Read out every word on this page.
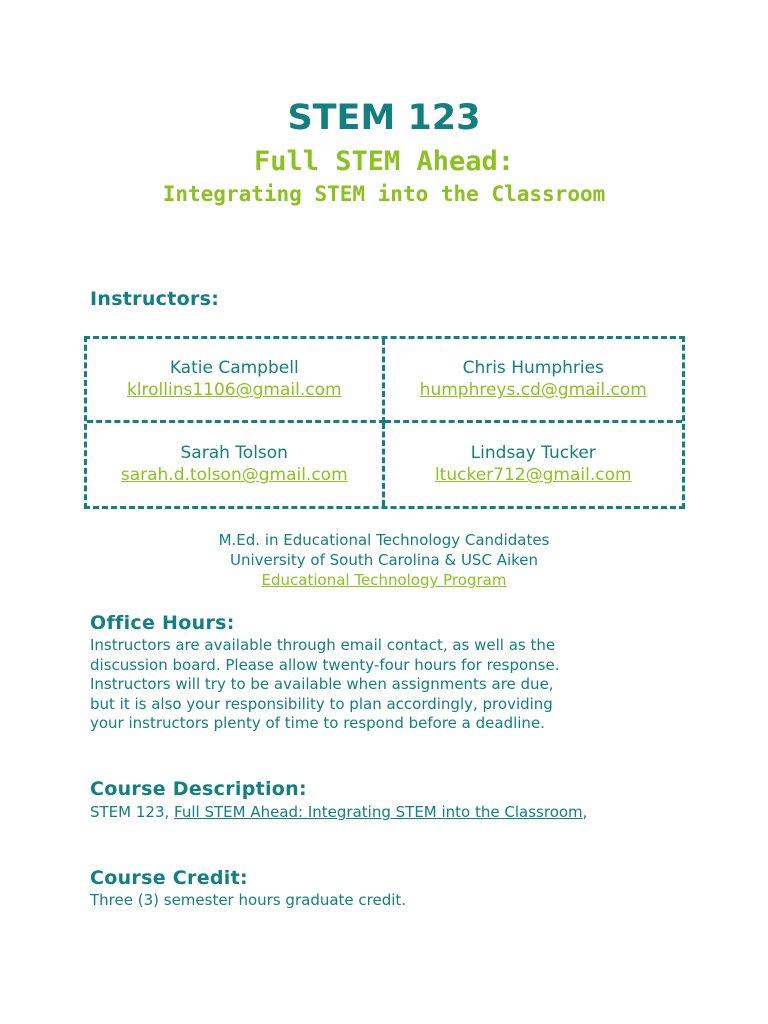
STEM 123
Full STEM Ahead:
Integrating STEM into the Classroom
Instructors:
Katie Campbell
klrollins1106@gmail.com
Chris Humphries
humphreys.cd@gmail.com
Sarah Tolson
sarah.d.tolson@gmail.com
Lindsay Tucker
ltucker712@gmail.com
M.Ed. in Educational Technology Candidates
University of South Carolina & USC Aiken
Educational Technology Program
Office Hours:
Instructors are available through email contact, as well as the
discussion board. Please allow twenty-four hours for response.
Instructors will try to be available when assignments are due,
but it is also your responsibility to plan accordingly, providing
your instructors plenty of time to respond before a deadline.
Course Description:
STEM 123, Full STEM Ahead: Integrating STEM into the Classroom,
Course Credit:
Three (3) semester hours graduate credit.
